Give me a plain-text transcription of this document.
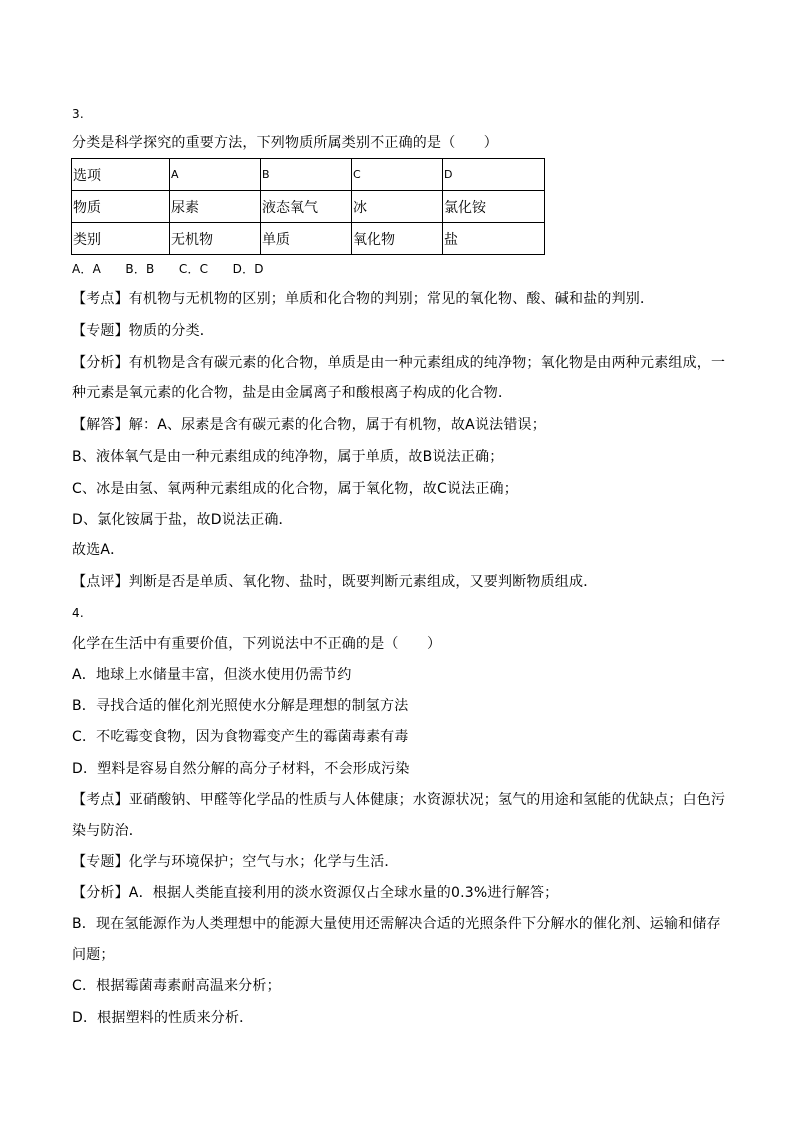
3.
分类是科学探究的重要方法，下列物质所属类别不正确的是（　　）
选项	A	B	C	D
物质	尿素	液态氧气	冰	氯化铵
类别	无机物	单质	氧化物	盐
A．A　　B．B　　C．C　　D．D
【考点】有机物与无机物的区别；单质和化合物的判别；常见的氧化物、酸、碱和盐的判别．
【专题】物质的分类．
【分析】有机物是含有碳元素的化合物，单质是由一种元素组成的纯净物；氧化物是由两种元素组成，一
种元素是氧元素的化合物，盐是由金属离子和酸根离子构成的化合物．
【解答】解：A、尿素是含有碳元素的化合物，属于有机物，故A说法错误；
B、液体氧气是由一种元素组成的纯净物，属于单质，故B说法正确；
C、冰是由氢、氧两种元素组成的化合物，属于氧化物，故C说法正确；
D、氯化铵属于盐，故D说法正确．
故选A．
【点评】判断是否是单质、氧化物、盐时，既要判断元素组成，又要判断物质组成．
4.
化学在生活中有重要价值，下列说法中不正确的是（　　）
A．地球上水储量丰富，但淡水使用仍需节约
B．寻找合适的催化剂光照使水分解是理想的制氢方法
C．不吃霉变食物，因为食物霉变产生的霉菌毒素有毒
D．塑料是容易自然分解的高分子材料，不会形成污染
【考点】亚硝酸钠、甲醛等化学品的性质与人体健康；水资源状况；氢气的用途和氢能的优缺点；白色污
染与防治．
【专题】化学与环境保护；空气与水；化学与生活．
【分析】A．根据人类能直接利用的淡水资源仅占全球水量的0.3%进行解答；
B．现在氢能源作为人类理想中的能源大量使用还需解决合适的光照条件下分解水的催化剂、运输和储存
问题；
C．根据霉菌毒素耐高温来分析；
D．根据塑料的性质来分析．
